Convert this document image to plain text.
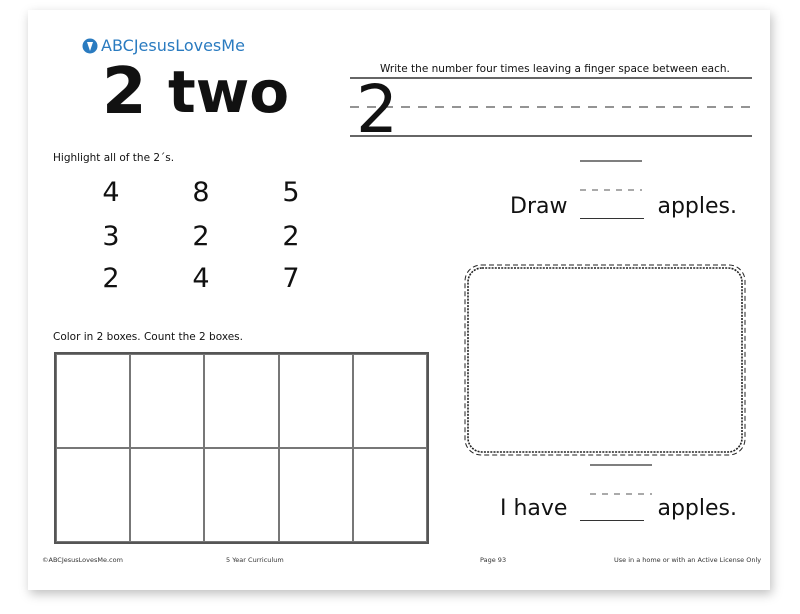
ABCJesusLovesMe
2 two	Write the number four times leaving a finger space between each.
2
Highlight all of the 2´s.
4	8	5
3	2	2
2	4	7
Color in 2 boxes. Count the 2 boxes.
Draw	apples.
I have	apples.
©ABCJesusLovesMe.com	5 Year Curriculum	Page 93	Use in a home or with an Active License Only
